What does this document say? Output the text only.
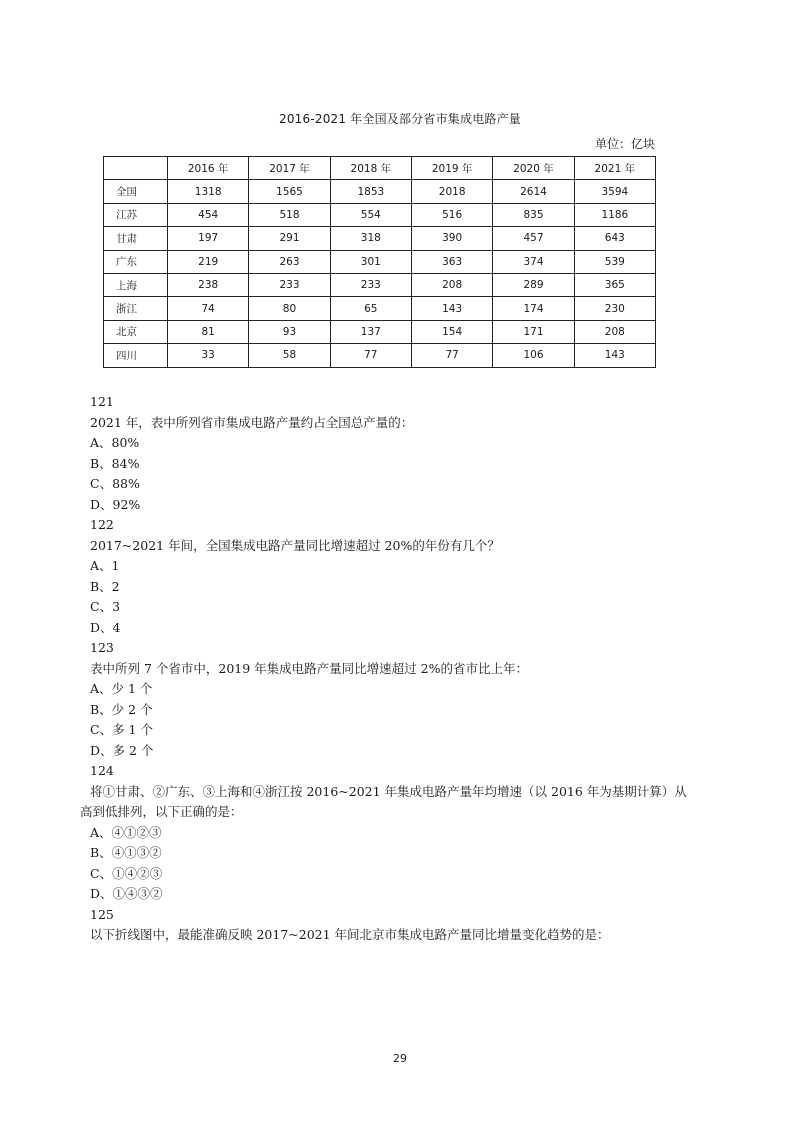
2016-2021 年全国及部分省市集成电路产量
单位：亿块
	2016 年	2017 年	2018 年	2019 年	2020 年	2021 年
全国	1318	1565	1853	2018	2614	3594
江苏	454	518	554	516	835	1186
甘肃	197	291	318	390	457	643
广东	219	263	301	363	374	539
上海	238	233	233	208	289	365
浙江	74	80	65	143	174	230
北京	81	93	137	154	171	208
四川	33	58	77	77	106	143
121
2021 年，表中所列省市集成电路产量约占全国总产量的：
A、80%
B、84%
C、88%
D、92%
122
2017~2021 年间，全国集成电路产量同比增速超过 20%的年份有几个？
A、1
B、2
C、3
D、4
123
表中所列 7 个省市中，2019 年集成电路产量同比增速超过 2%的省市比上年：
A、少 1 个
B、少 2 个
C、多 1 个
D、多 2 个
124
将①甘肃、②广东、③上海和④浙江按 2016~2021 年集成电路产量年均增速（以 2016 年为基期计算）从
高到低排列，以下正确的是：
A、④①②③
B、④①③②
C、①④②③
D、①④③②
125
以下折线图中，最能准确反映 2017~2021 年间北京市集成电路产量同比增量变化趋势的是：
29
